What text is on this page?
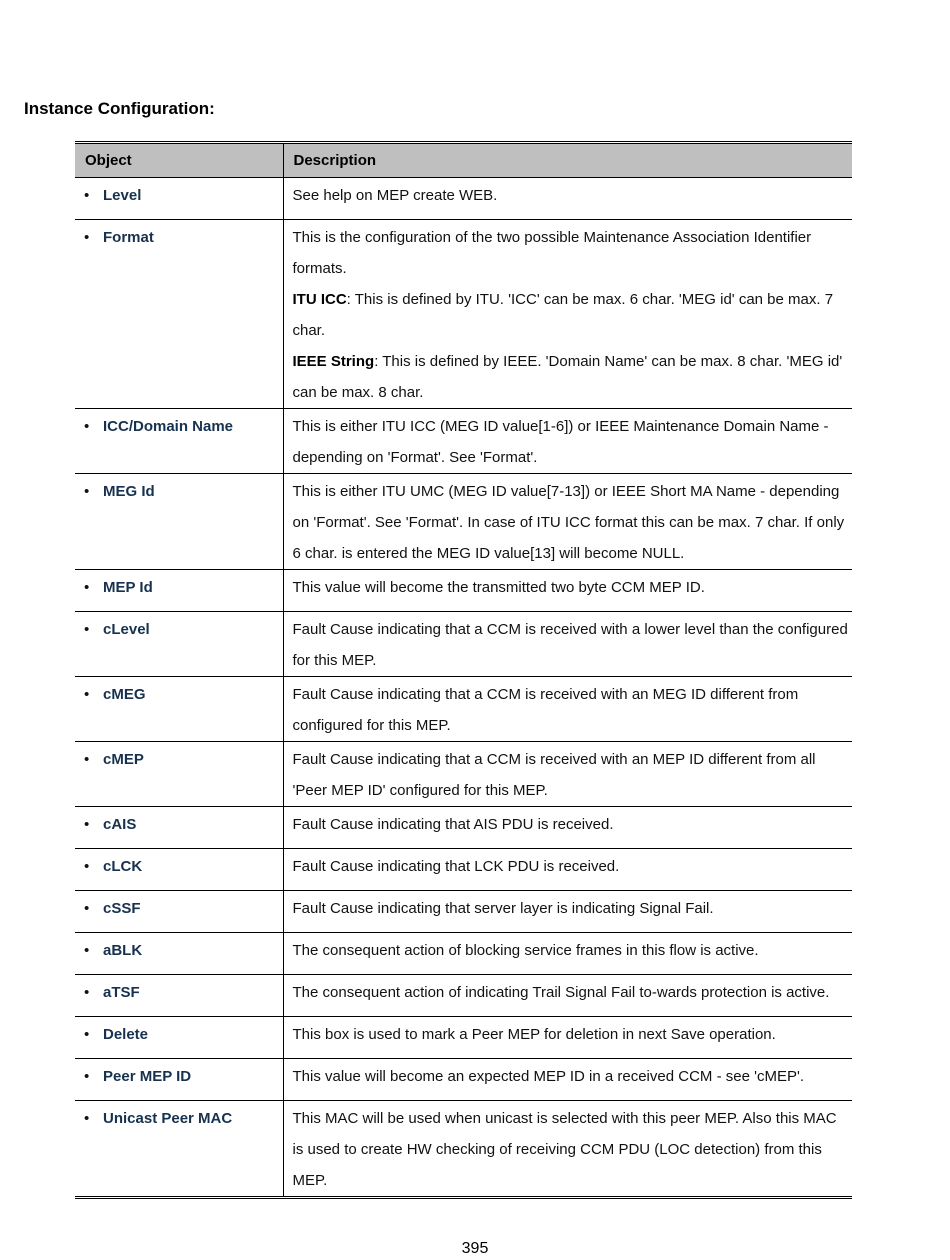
Instance Configuration:
Object	Description
• Level	See help on MEP create WEB.
• Format	This is the configuration of the two possible Maintenance Association Identifier formats.

ITU ICC: This is defined by ITU. 'ICC' can be max. 6 char. 'MEG id' can be max. 7 char.

IEEE String: This is defined by IEEE. 'Domain Name' can be max. 8 char. 'MEG id' can be max. 8 char.

• ICC/Domain Name	This is either ITU ICC (MEG ID value[1-6]) or IEEE Maintenance Domain Name - depending on 'Format'. See 'Format'.
• MEG Id	This is either ITU UMC (MEG ID value[7-13]) or IEEE Short MA Name - depending on 'Format'. See 'Format'. In case of ITU ICC format this can be max. 7 char. If only 6 char. is entered the MEG ID value[13] will become NULL.
• MEP Id	This value will become the transmitted two byte CCM MEP ID.
• cLevel	Fault Cause indicating that a CCM is received with a lower level than the configured for this MEP.
• cMEG	Fault Cause indicating that a CCM is received with an MEG ID different from configured for this MEP.
• cMEP	Fault Cause indicating that a CCM is received with an MEP ID different from all 'Peer MEP ID' configured for this MEP.
• cAIS	Fault Cause indicating that AIS PDU is received.
• cLCK	Fault Cause indicating that LCK PDU is received.
• cSSF	Fault Cause indicating that server layer is indicating Signal Fail.
• aBLK	The consequent action of blocking service frames in this flow is active.
• aTSF	The consequent action of indicating Trail Signal Fail to-wards protection is active.
• Delete	This box is used to mark a Peer MEP for deletion in next Save operation.
• Peer MEP ID	This value will become an expected MEP ID in a received CCM - see 'cMEP'.
• Unicast Peer MAC	This MAC will be used when unicast is selected with this peer MEP. Also this MAC is used to create HW checking of receiving CCM PDU (LOC detection) from this MEP.
395
